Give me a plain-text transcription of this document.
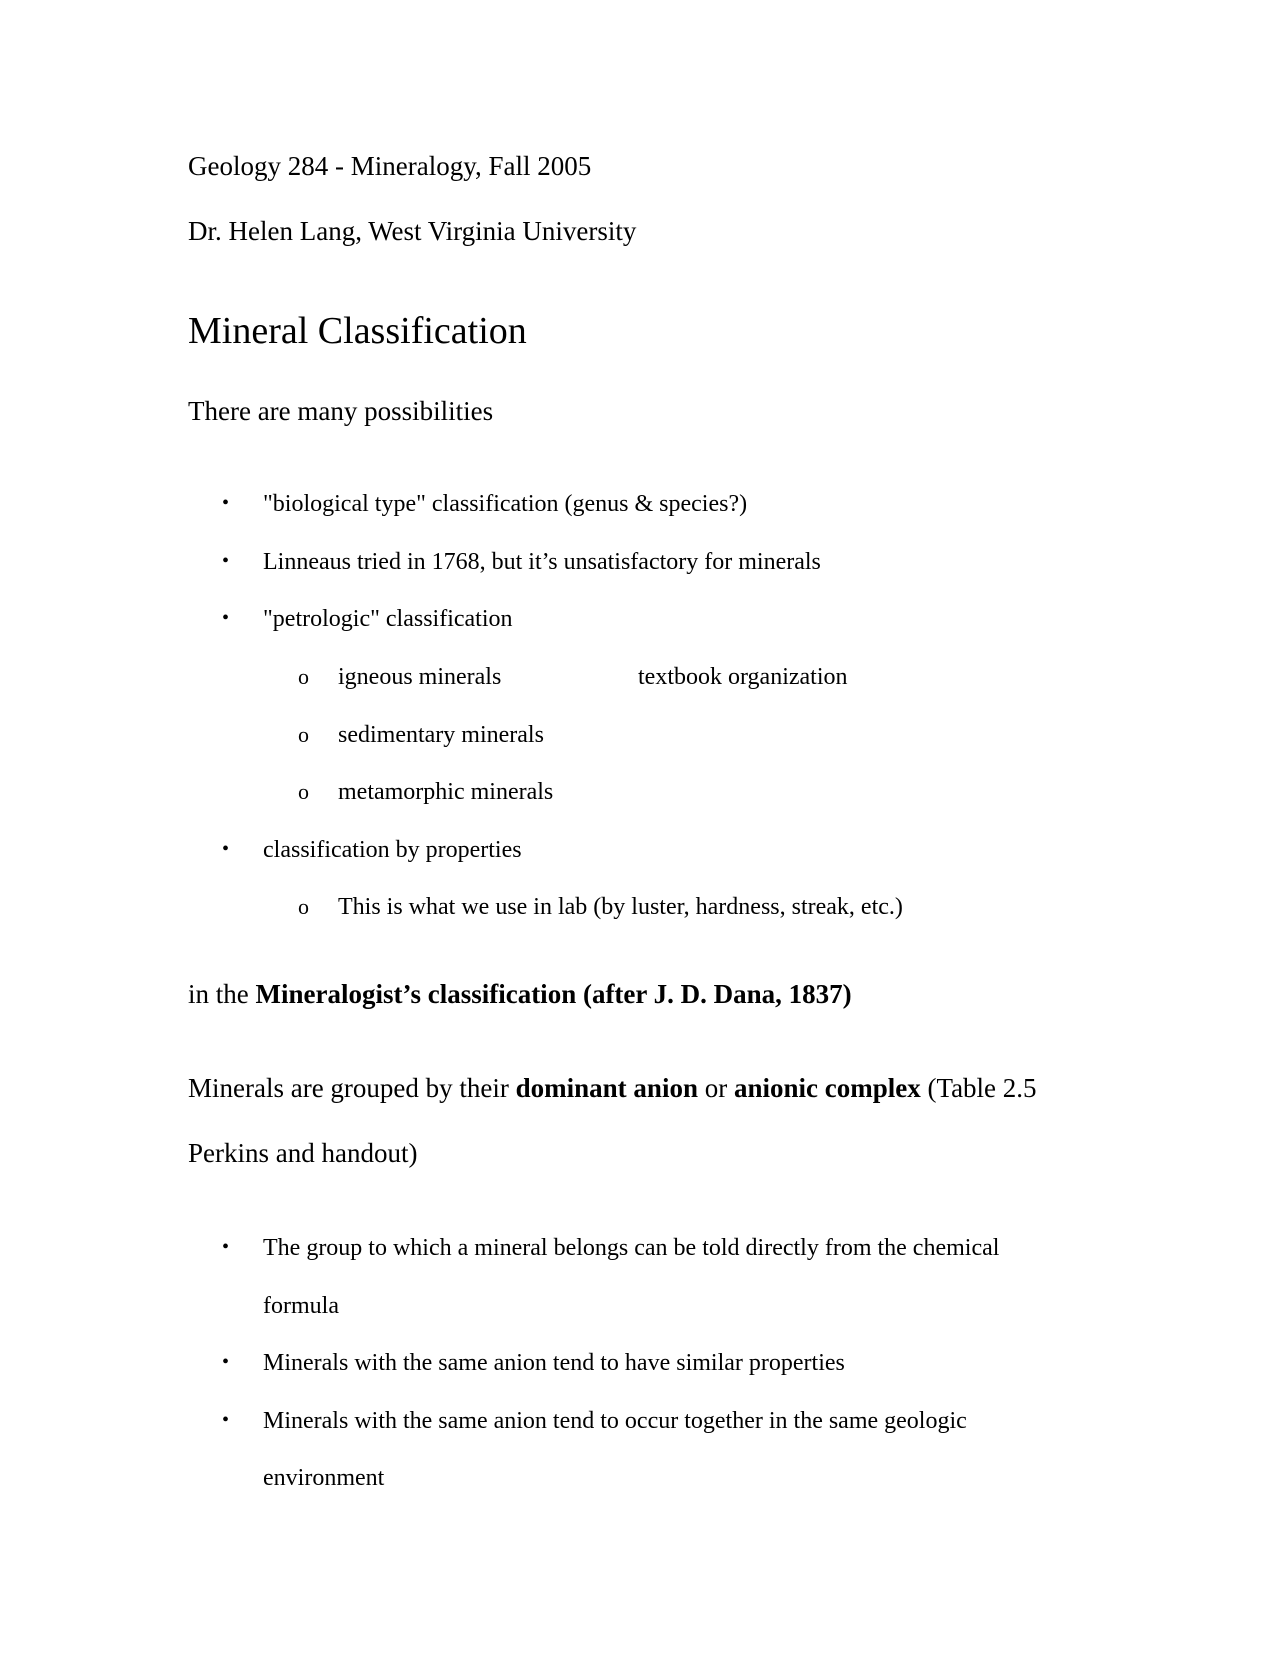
Geology 284 - Mineralogy, Fall 2005
Dr. Helen Lang, West Virginia University
Mineral Classification
There are many possibilities
• "biological type" classification (genus & species?)
• Linneaus tried in 1768, but it’s unsatisfactory for minerals
• "petrologic" classification
o igneous minerals	textbook organization
o sedimentary minerals
o metamorphic minerals
• classification by properties
o This is what we use in lab (by luster, hardness, streak, etc.)
in the Mineralogist’s classification (after J. D. Dana, 1837)
Minerals are grouped by their dominant anion or anionic complex (Table 2.5
Perkins and handout)
• The group to which a mineral belongs can be told directly from the chemical
formula
• Minerals with the same anion tend to have similar properties
• Minerals with the same anion tend to occur together in the same geologic
environment
